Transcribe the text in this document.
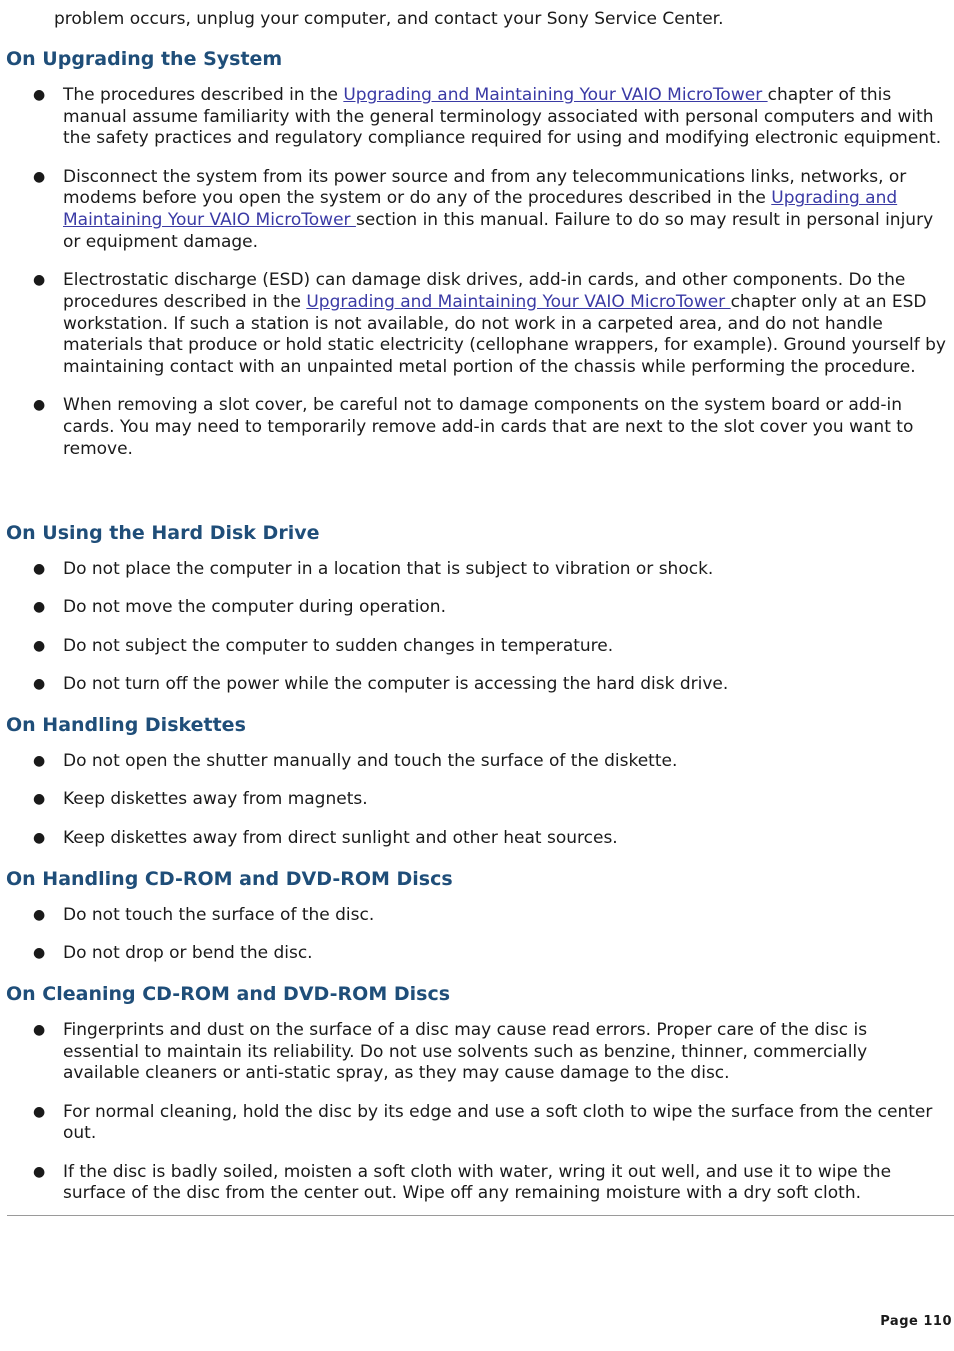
problem occurs, unplug your computer, and contact your Sony Service Center.

On Upgrading the System
● The procedures described in the Upgrading and Maintaining Your VAIO MicroTower chapter of this manual assume familiarity with the general terminology associated with personal computers and with the safety practices and regulatory compliance required for using and modifying electronic equipment.
● Disconnect the system from its power source and from any telecommunications links, networks, or modems before you open the system or do any of the procedures described in the Upgrading and Maintaining Your VAIO MicroTower section in this manual. Failure to do so may result in personal injury or equipment damage.
● Electrostatic discharge (ESD) can damage disk drives, add-in cards, and other components. Do the procedures described in the Upgrading and Maintaining Your VAIO MicroTower chapter only at an ESD workstation. If such a station is not available, do not work in a carpeted area, and do not handle materials that produce or hold static electricity (cellophane wrappers, for example). Ground yourself by maintaining contact with an unpainted metal portion of the chassis while performing the procedure.
● When removing a slot cover, be careful not to damage components on the system board or add-in cards. You may need to temporarily remove add-in cards that are next to the slot cover you want to remove.
On Using the Hard Disk Drive
● Do not place the computer in a location that is subject to vibration or shock.
● Do not move the computer during operation.
● Do not subject the computer to sudden changes in temperature.
● Do not turn off the power while the computer is accessing the hard disk drive.
On Handling Diskettes
● Do not open the shutter manually and touch the surface of the diskette.
● Keep diskettes away from magnets.
● Keep diskettes away from direct sunlight and other heat sources.
On Handling CD-ROM and DVD-ROM Discs
● Do not touch the surface of the disc.
● Do not drop or bend the disc.
On Cleaning CD-ROM and DVD-ROM Discs
● Fingerprints and dust on the surface of a disc may cause read errors. Proper care of the disc is essential to maintain its reliability. Do not use solvents such as benzine, thinner, commercially available cleaners or anti-static spray, as they may cause damage to the disc.
● For normal cleaning, hold the disc by its edge and use a soft cloth to wipe the surface from the center out.
● If the disc is badly soiled, moisten a soft cloth with water, wring it out well, and use it to wipe the surface of the disc from the center out. Wipe off any remaining moisture with a dry soft cloth.
Page 110
